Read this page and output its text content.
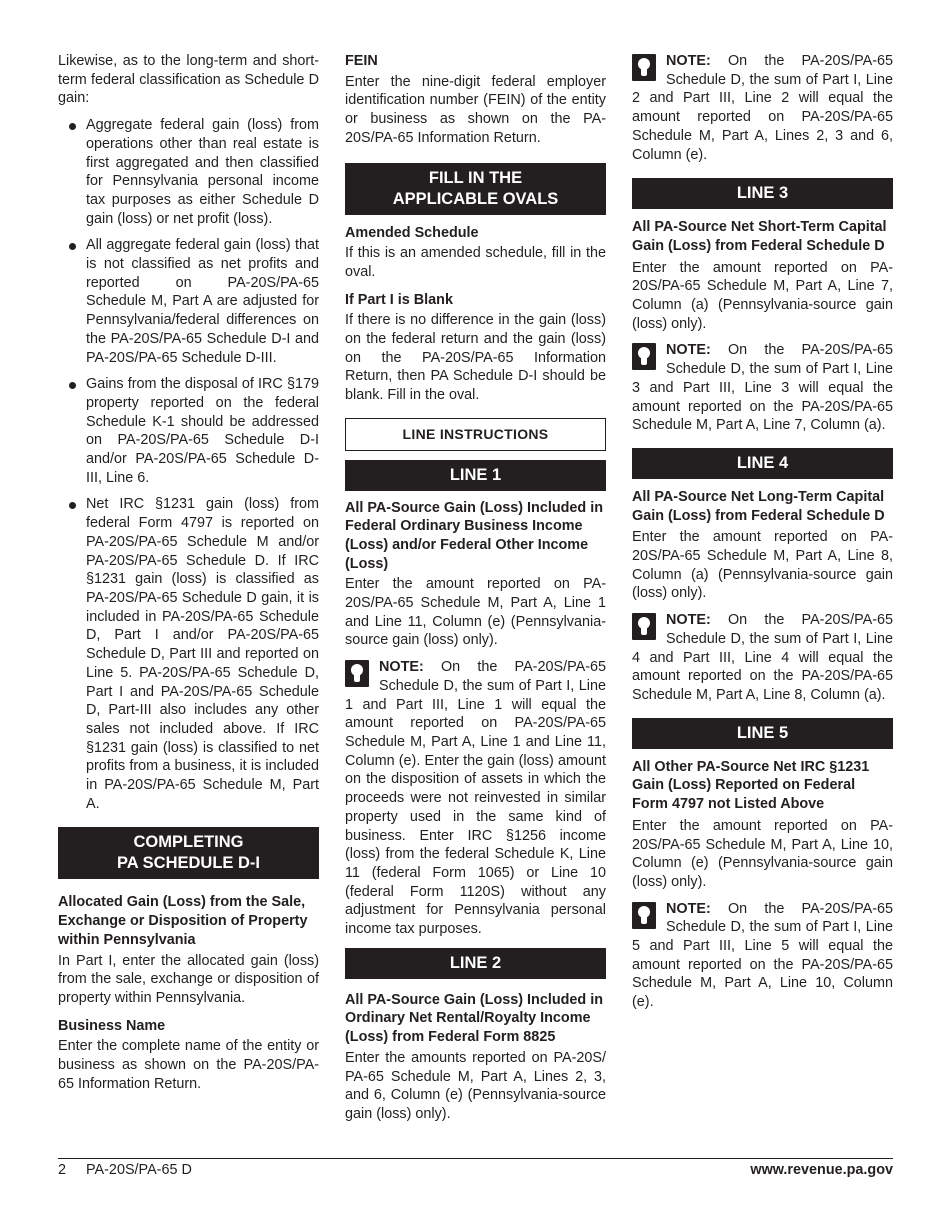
Likewise, as to the long-term and short-term federal classification as Schedule D gain:

Aggregate federal gain (loss) from operations other than real estate is first aggregated and then classified for Pennsylvania personal income tax purposes as either Schedule D gain (loss) or net profit (loss).
All aggregate federal gain (loss) that is not classified as net profits and reported on PA-20S/PA-65 Schedule M, Part A are adjusted for Pennsylvania/federal differences on the PA-20S/PA-65 Schedule D-I and PA-20S/PA-65 Schedule D-III.
Gains from the disposal of IRC §179 property reported on the federal Schedule K-1 should be addressed on PA-20S/PA-65 Schedule D-I and/or PA-20S/PA-65 Schedule D-III, Line 6.
Net IRC §1231 gain (loss) from federal Form 4797 is reported on PA-20S/PA-65 Schedule M and/or PA-20S/PA-65 Schedule D. If IRC §1231 gain (loss) is classified as PA-20S/PA-65 Schedule D gain, it is included in PA-20S/PA-65 Schedule D, Part I and/or PA-20S/PA-65 Schedule D, Part III and reported on Line 5. PA-20S/PA-65 Schedule D, Part I and PA-20S/PA-65 Schedule D, Part-III also includes any other sales not included above. If IRC §1231 gain (loss) is classified to net profits from a business, it is included in PA-20S/PA-65 Schedule M, Part A.
COMPLETING
PA SCHEDULE D-I

Allocated Gain (Loss) from the Sale, Exchange or Disposition of Property within Pennsylvania

In Part I, enter the allocated gain (loss) from the sale, exchange or disposition of property within Pennsylvania.

Business Name

Enter the complete name of the entity or business as shown on the PA-20S/PA-65 Information Return.

FEIN

Enter the nine-digit federal employer identification number (FEIN) of the entity or business as shown on the PA-20S/PA-65 Information Return.

FILL IN THE
APPLICABLE OVALS

Amended Schedule

If this is an amended schedule, fill in the oval.

If Part I is Blank

If there is no difference in the gain (loss) on the federal return and the gain (loss) on the PA-20S/PA-65 Information Return, then PA Schedule D-I should be blank. Fill in the oval.

LINE INSTRUCTIONS
LINE 1

All PA-Source Gain (Loss) Included in Federal Ordinary Business Income (Loss) and/or Federal Other Income (Loss)

Enter the amount reported on PA-20S/PA-65 Schedule M, Part A, Line 1 and Line 11, Column (e) (Pennsylvania-source gain (loss) only).

NOTE: On the PA-20S/PA-65 Schedule D, the sum of Part I, Line 1 and Part III, Line 1 will equal the amount reported on PA-20S/PA-65 Schedule M, Part A, Line 1 and Line 11, Column (e). Enter the gain (loss) amount on the disposition of assets in which the proceeds were not reinvested in similar property used in the same kind of business. Enter IRC §1256 income (loss) from the federal Schedule K, Line 11 (federal Form 1065) or Line 10 (federal Form 1120S) without any adjustment for Pennsylvania personal income tax purposes.

LINE 2

All PA-Source Gain (Loss) Included in Ordinary Net Rental/Royalty Income (Loss) from Federal Form 8825

Enter the amounts reported on PA-20S/ PA-65 Schedule M, Part A, Lines 2, 3, and 6, Column (e) (Pennsylvania-source gain (loss) only).

NOTE: On the PA-20S/PA-65 Schedule D, the sum of Part I, Line 2 and Part III, Line 2 will equal the amount reported on PA-20S/PA-65 Schedule M, Part A, Lines 2, 3 and 6, Column (e).

LINE 3

All PA-Source Net Short-Term Capital Gain (Loss) from Federal Schedule D

Enter the amount reported on PA-20S/PA-65 Schedule M, Part A, Line 7, Column (a) (Pennsylvania-source gain (loss) only).

NOTE: On the PA-20S/PA-65 Schedule D, the sum of Part I, Line 3 and Part III, Line 3 will equal the amount reported on the PA-20S/PA-65 Schedule M, Part A, Line 7, Column (a).

LINE 4

All PA-Source Net Long-Term Capital Gain (Loss) from Federal Schedule D

Enter the amount reported on PA-20S/PA-65 Schedule M, Part A, Line 8, Column (a) (Pennsylvania-source gain (loss) only).

NOTE: On the PA-20S/PA-65 Schedule D, the sum of Part I, Line 4 and Part III, Line 4 will equal the amount reported on the PA-20S/PA-65 Schedule M, Part A, Line 8, Column (a).

LINE 5

All Other PA-Source Net IRC §1231 Gain (Loss) Reported on Federal Form 4797 not Listed Above

Enter the amount reported on PA-20S/PA-65 Schedule M, Part A, Line 10, Column (e) (Pennsylvania-source gain (loss) only).

NOTE: On the PA-20S/PA-65 Schedule D, the sum of Part I, Line 5 and Part III, Line 5 will equal the amount reported on the PA-20S/PA-65 Schedule M, Part A, Line 10, Column (e).

2 PA-20S/PA-65 D	www.revenue.pa.gov
